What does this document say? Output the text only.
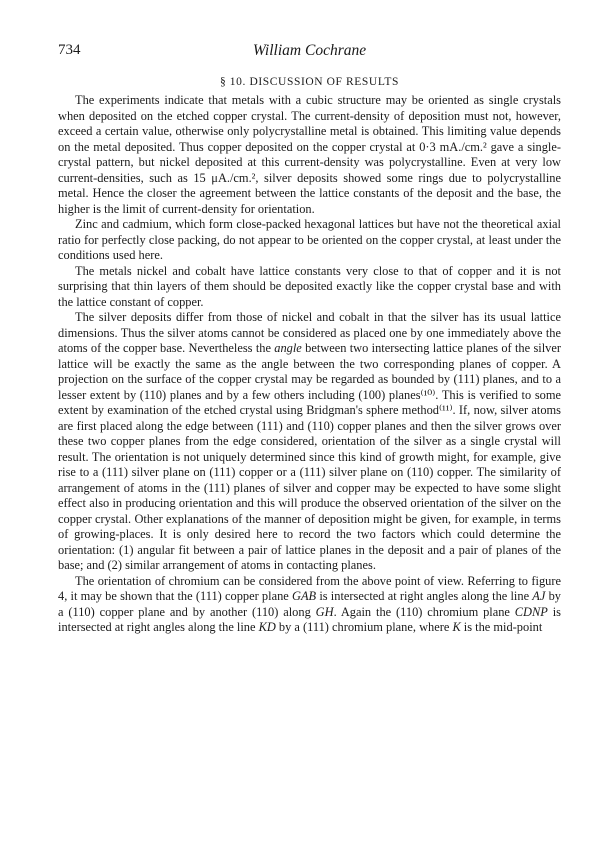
734	William Cochrane
§ 10. DISCUSSION OF RESULTS

The experiments indicate that metals with a cubic structure may be oriented as single crystals when deposited on the etched copper crystal. The current-density of deposition must not, however, exceed a certain value, otherwise only polycrystalline metal is obtained. This limiting value depends on the metal deposited. Thus copper deposited on the copper crystal at 0·3 mA./cm.² gave a single-crystal pattern, but nickel deposited at this current-density was polycrystalline. Even at very low current-densities, such as 15 μA./cm.², silver deposits showed some rings due to polycrystalline metal. Hence the closer the agreement between the lattice constants of the deposit and the base, the higher is the limit of current-density for orientation.

Zinc and cadmium, which form close-packed hexagonal lattices but have not the theoretical axial ratio for perfectly close packing, do not appear to be oriented on the copper crystal, at least under the conditions used here.

The metals nickel and cobalt have lattice constants very close to that of copper and it is not surprising that thin layers of them should be deposited exactly like the copper crystal base and with the lattice constant of copper.

The silver deposits differ from those of nickel and cobalt in that the silver has its usual lattice dimensions. Thus the silver atoms cannot be considered as placed one by one immediately above the atoms of the copper base. Nevertheless the angle between two intersecting lattice planes of the silver lattice will be exactly the same as the angle between the two corresponding planes of copper. A projection on the surface of the copper crystal may be regarded as bounded by (111) planes, and to a lesser extent by (110) planes and by a few others including (100) planes⁽¹⁰⁾. This is verified to some extent by examination of the etched crystal using Bridgman's sphere method⁽¹¹⁾. If, now, silver atoms are first placed along the edge between (111) and (110) copper planes and then the silver grows over these two copper planes from the edge considered, orientation of the silver as a single crystal will result. The orientation is not uniquely determined since this kind of growth might, for example, give rise to a (111) silver plane on (111) copper or a (111) silver plane on (110) copper. The similarity of arrangement of atoms in the (111) planes of silver and copper may be expected to have some slight effect also in producing orientation and this will produce the observed orientation of the silver on the copper crystal. Other explanations of the manner of deposition might be given, for example, in terms of growing-places. It is only desired here to record the two factors which could determine the orientation: (1) angular fit between a pair of lattice planes in the deposit and a pair of planes of the base; and (2) similar arrangement of atoms in contacting planes.

The orientation of chromium can be considered from the above point of view. Referring to figure 4, it may be shown that the (111) copper plane GAB is intersected at right angles along the line AJ by a (110) copper plane and by another (110) along GH. Again the (110) chromium plane CDNP is intersected at right angles along the line KD by a (111) chromium plane, where K is the mid-point
